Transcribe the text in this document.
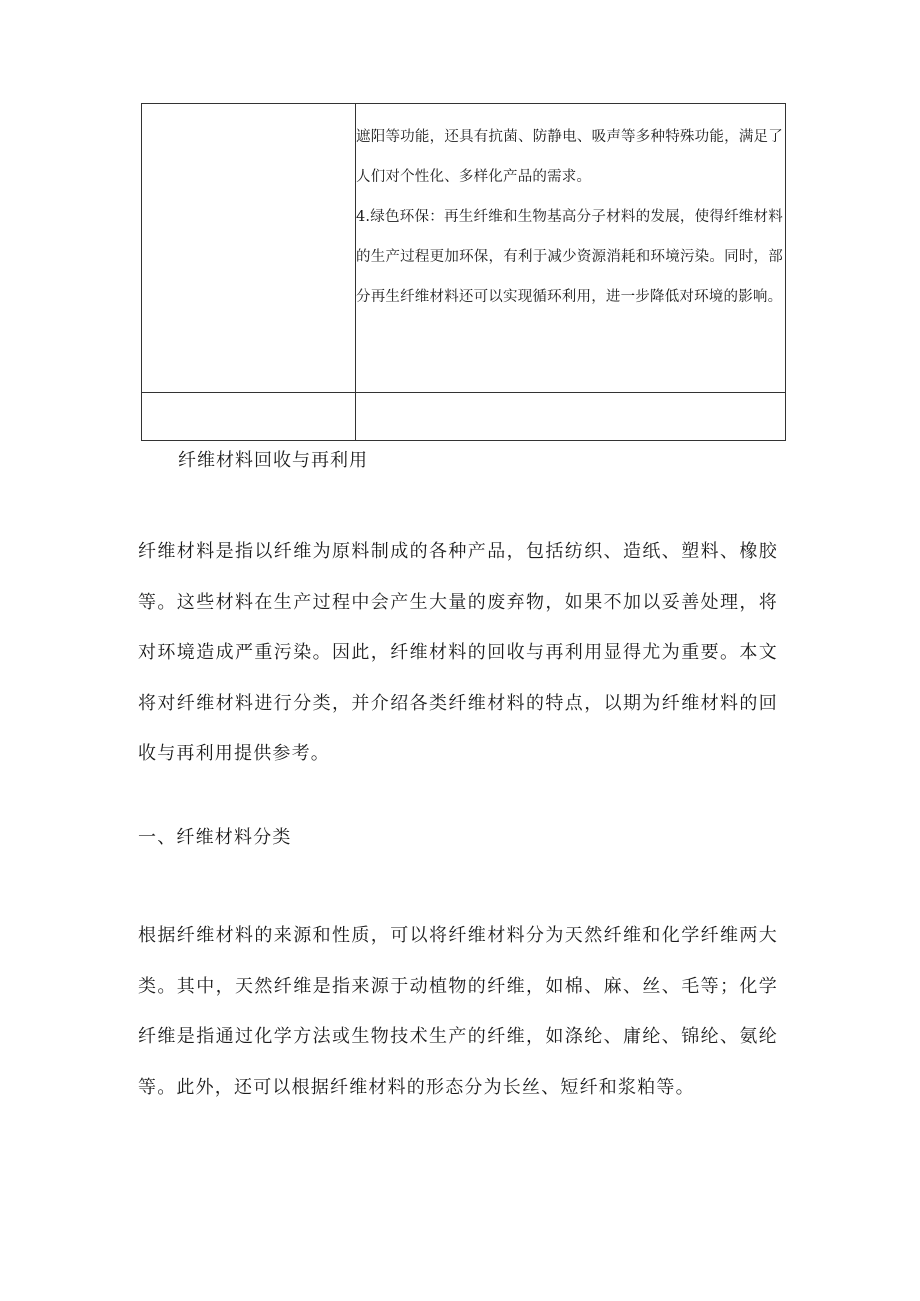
	遮阳等功能，还具有抗菌、防静电、吸声等多种特殊功能，满足了人们对个性化、多样化产品的需求。

4.绿色环保：再生纤维和生物基高分子材料的发展，使得纤维材料的生产过程更加环保，有利于减少资源消耗和环境污染。同时，部分再生纤维材料还可以实现循环利用，进一步降低对环境的影响。

纤维材料回收与再利用

纤维材料是指以纤维为原料制成的各种产品，包括纺织、造纸、塑料、橡胶等。这些材料在生产过程中会产生大量的废弃物，如果不加以妥善处理，将对环境造成严重污染。因此，纤维材料的回收与再利用显得尤为重要。本文将对纤维材料进行分类，并介绍各类纤维材料的特点，以期为纤维材料的回收与再利用提供参考。

一、纤维材料分类

根据纤维材料的来源和性质，可以将纤维材料分为天然纤维和化学纤维两大类。其中，天然纤维是指来源于动植物的纤维，如棉、麻、丝、毛等；化学纤维是指通过化学方法或生物技术生产的纤维，如涤纶、庸纶、锦纶、氨纶等。此外，还可以根据纤维材料的形态分为长丝、短纤和浆粕等。
